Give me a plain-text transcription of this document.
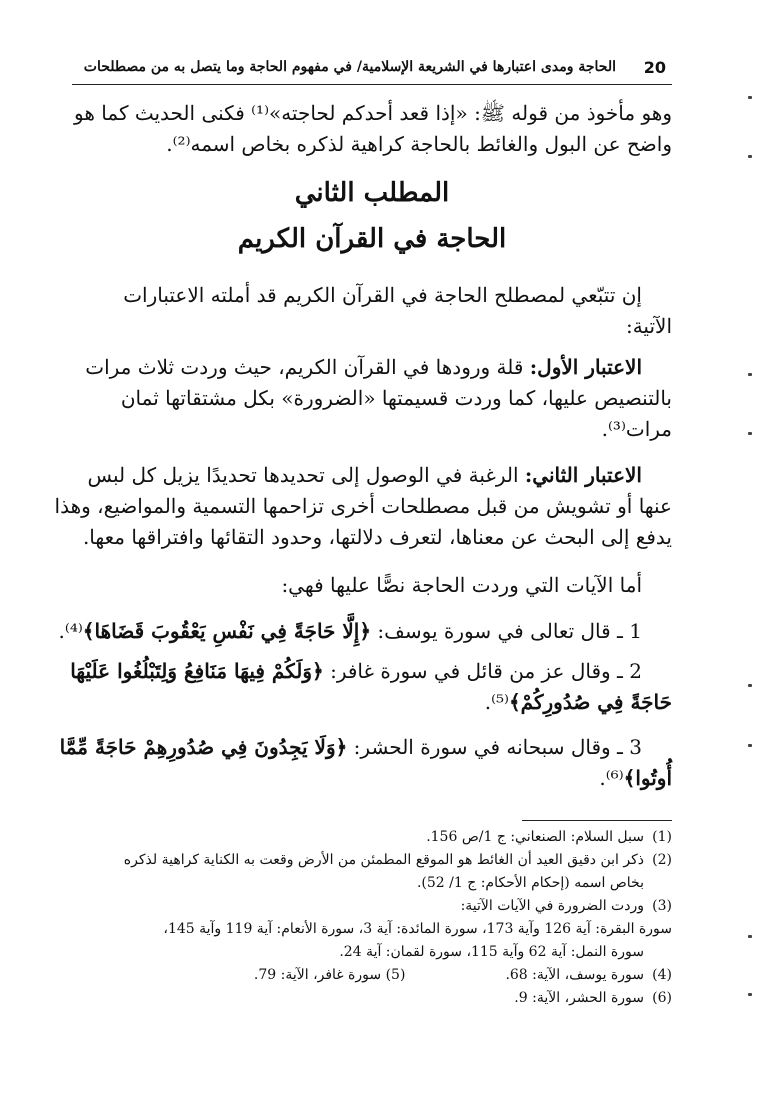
20
الحاجة ومدى اعتبارها في الشريعة الإسلامية/ في مفهوم الحاجة وما يتصل به من مصطلحات
وهو مأخوذ من قوله ﷺ: «إذا قعد أحدكم لحاجته»⁽¹⁾ فكنى الحديث كما هو
واضح عن البول والغائط بالحاجة كراهية لذكره بخاص اسمه⁽²⁾.
المطلب الثاني
الحاجة في القرآن الكريم
إن تتبّعي لمصطلح الحاجة في القرآن الكريم قد أملته الاعتبارات
الآتية:
الاعتبار الأول: قلة ورودها في القرآن الكريم، حيث وردت ثلاث مرات
بالتنصيص عليها، كما وردت قسيمتها «الضرورة» بكل مشتقاتها ثمان
مرات⁽³⁾.
الاعتبار الثاني: الرغبة في الوصول إلى تحديدها تحديدًا يزيل كل لبس
عنها أو تشويش من قبل مصطلحات أخرى تزاحمها التسمية والمواضيع، وهذا
يدفع إلى البحث عن معناها، لتعرف دلالتها، وحدود التقائها وافتراقها معها.
أما الآيات التي وردت الحاجة نصًّا عليها فهي:
1 ـ قال تعالى في سورة يوسف: ﴿إِلَّا حَاجَةً فِي نَفْسِ يَعْقُوبَ قَضَاهَا﴾⁽⁴⁾.
2 ـ وقال عز من قائل في سورة غافر: ﴿وَلَكُمْ فِيهَا مَنَافِعُ وَلِتَبْلُغُوا عَلَيْهَا
حَاجَةً فِي صُدُورِكُمْ﴾⁽⁵⁾.
3 ـ وقال سبحانه في سورة الحشر: ﴿وَلَا يَجِدُونَ فِي صُدُورِهِمْ حَاجَةً مِّمَّا
أُوتُوا﴾⁽⁶⁾.
(1)سبل السلام: الصنعاني: ج 1/ص 156.
(2)ذكر ابن دقيق العيد أن الغائط هو الموقع المطمئن من الأرض وقعت به الكناية كراهية لذكره
بخاص اسمه (إحكام الأحكام: ج 1/ 52).
(3)وردت الضرورة في الآيات الآتية:
سورة البقرة: آية 126 وآية 173، سورة المائدة: آية 3، سورة الأنعام: آية 119 وآية 145،
سورة النمل: آية 62 وآية 115، سورة لقمان: آية 24.
(4)سورة يوسف، الآية: 68.(5) سورة غافر، الآية: 79.
(6)سورة الحشر، الآية: 9.
